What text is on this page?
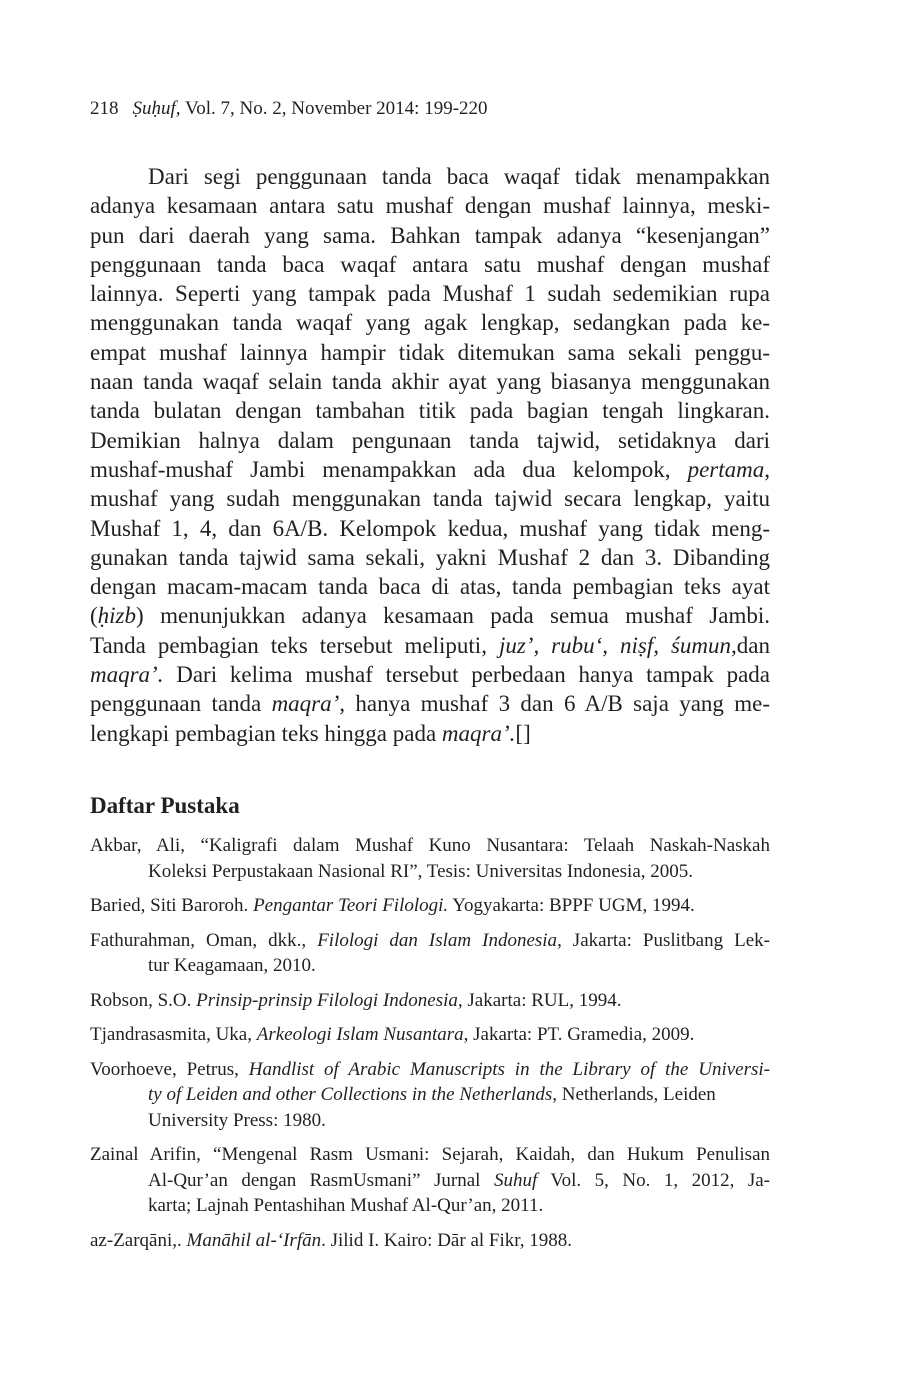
218 Ṣuḥuf, Vol. 7, No. 2, November 2014: 199-220
Dari segi penggunaan tanda baca waqaf tidak menampakkan
adanya kesamaan antara satu mushaf dengan mushaf lainnya, meski-
pun dari daerah yang sama. Bahkan tampak adanya “kesenjangan”
penggunaan tanda baca waqaf antara satu mushaf dengan mushaf
lainnya. Seperti yang tampak pada Mushaf 1 sudah sedemikian rupa
menggunakan tanda waqaf yang agak lengkap, sedangkan pada ke-
empat mushaf lainnya hampir tidak ditemukan sama sekali penggu-
naan tanda waqaf selain tanda akhir ayat yang biasanya menggunakan
tanda bulatan dengan tambahan titik pada bagian tengah lingkaran.
Demikian halnya dalam pengunaan tanda tajwid, setidaknya dari
mushaf-mushaf Jambi menampakkan ada dua kelompok, pertama,
mushaf yang sudah menggunakan tanda tajwid secara lengkap, yaitu
Mushaf 1, 4, dan 6A/B. Kelompok kedua, mushaf yang tidak meng-
gunakan tanda tajwid sama sekali, yakni Mushaf 2 dan 3. Dibanding
dengan macam-macam tanda baca di atas, tanda pembagian teks ayat
(ḥizb) menunjukkan adanya kesamaan pada semua mushaf Jambi.
Tanda pembagian teks tersebut meliputi, juz’, rubu‘, niṣf, śumun,dan
maqra’. Dari kelima mushaf tersebut perbedaan hanya tampak pada
penggunaan tanda maqra’, hanya mushaf 3 dan 6 A/B saja yang me-
lengkapi pembagian teks hingga pada maqra’.[]
Daftar Pustaka
Akbar, Ali, “Kaligrafi dalam Mushaf Kuno Nusantara: Telaah Naskah-Naskah
Koleksi Perpustakaan Nasional RI”, Tesis: Universitas Indonesia, 2005.
Baried, Siti Baroroh. Pengantar Teori Filologi. Yogyakarta: BPPF UGM, 1994.
Fathurahman, Oman, dkk., Filologi dan Islam Indonesia, Jakarta: Puslitbang Lek-
tur Keagamaan, 2010.
Robson, S.O. Prinsip-prinsip Filologi Indonesia, Jakarta: RUL, 1994.
Tjandrasasmita, Uka, Arkeologi Islam Nusantara, Jakarta: PT. Gramedia, 2009.
Voorhoeve, Petrus, Handlist of Arabic Manuscripts in the Library of the Universi-
ty of Leiden and other Collections in the Netherlands, Netherlands, Leiden
University Press: 1980.
Zainal Arifin, “Mengenal Rasm Usmani: Sejarah, Kaidah, dan Hukum Penulisan
Al-Qur’an dengan RasmUsmani” Jurnal Suhuf Vol. 5, No. 1, 2012, Ja-
karta; Lajnah Pentashihan Mushaf Al-Qur’an, 2011.
az-Zarqāni,. Manāhil al-‘Irfān. Jilid I. Kairo: Dār al Fikr, 1988.
